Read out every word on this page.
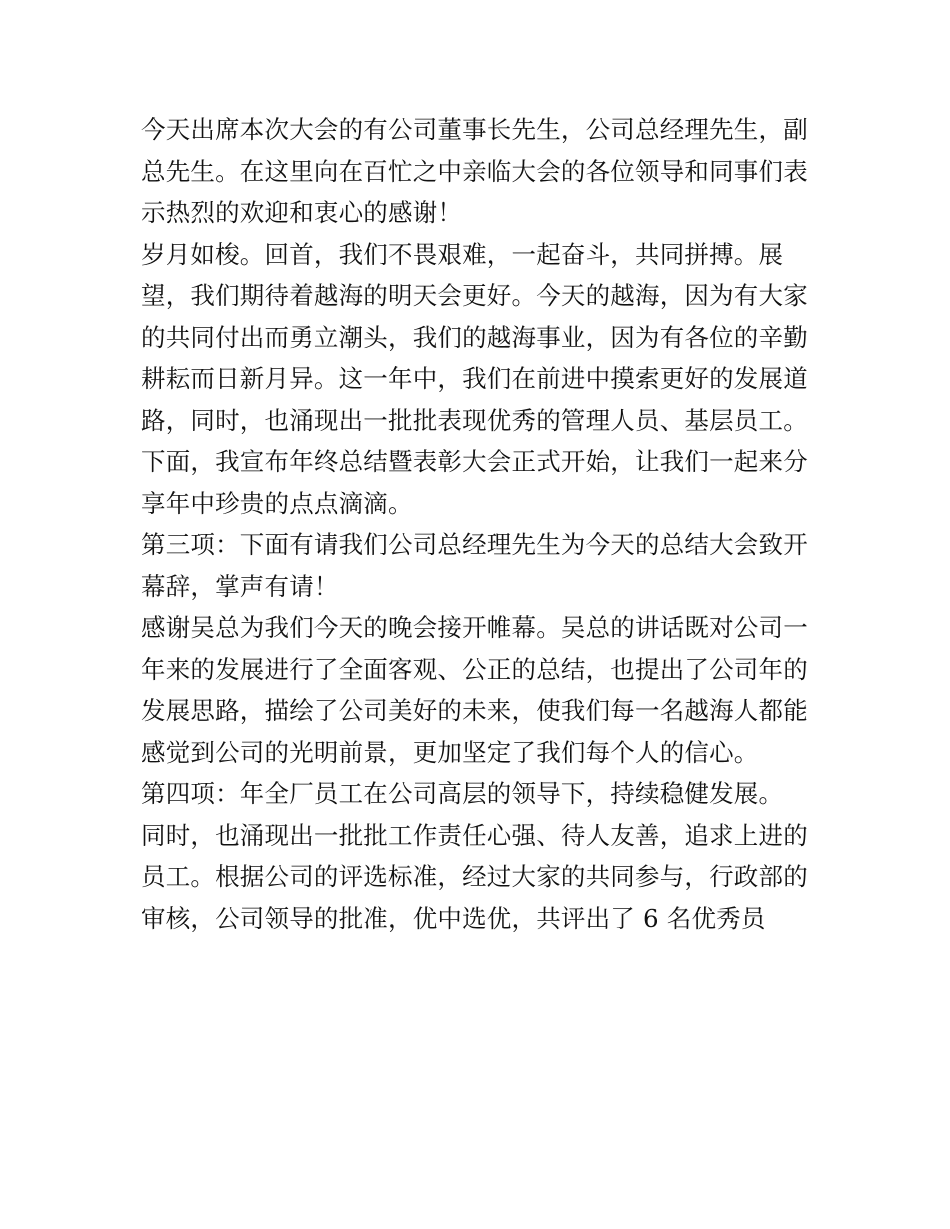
今天出席本次大会的有公司董事长先生，公司总经理先生，副
总先生。在这里向在百忙之中亲临大会的各位领导和同事们表
示热烈的欢迎和衷心的感谢！
岁月如梭。回首，我们不畏艰难，一起奋斗，共同拼搏。展
望，我们期待着越海的明天会更好。今天的越海，因为有大家
的共同付出而勇立潮头，我们的越海事业，因为有各位的辛勤
耕耘而日新月异。这一年中，我们在前进中摸索更好的发展道
路，同时，也涌现出一批批表现优秀的管理人员、基层员工。
下面，我宣布年终总结暨表彰大会正式开始，让我们一起来分
享年中珍贵的点点滴滴。
第三项：下面有请我们公司总经理先生为今天的总结大会致开
幕辞，掌声有请！
感谢吴总为我们今天的晚会接开帷幕。吴总的讲话既对公司一
年来的发展进行了全面客观、公正的总结，也提出了公司年的
发展思路，描绘了公司美好的未来，使我们每一名越海人都能
感觉到公司的光明前景，更加坚定了我们每个人的信心。
第四项：年全厂员工在公司高层的领导下，持续稳健发展。
同时，也涌现出一批批工作责任心强、待人友善，追求上进的
员工。根据公司的评选标准，经过大家的共同参与，行政部的
审核，公司领导的批准，优中选优，共评出了 6 名优秀员
